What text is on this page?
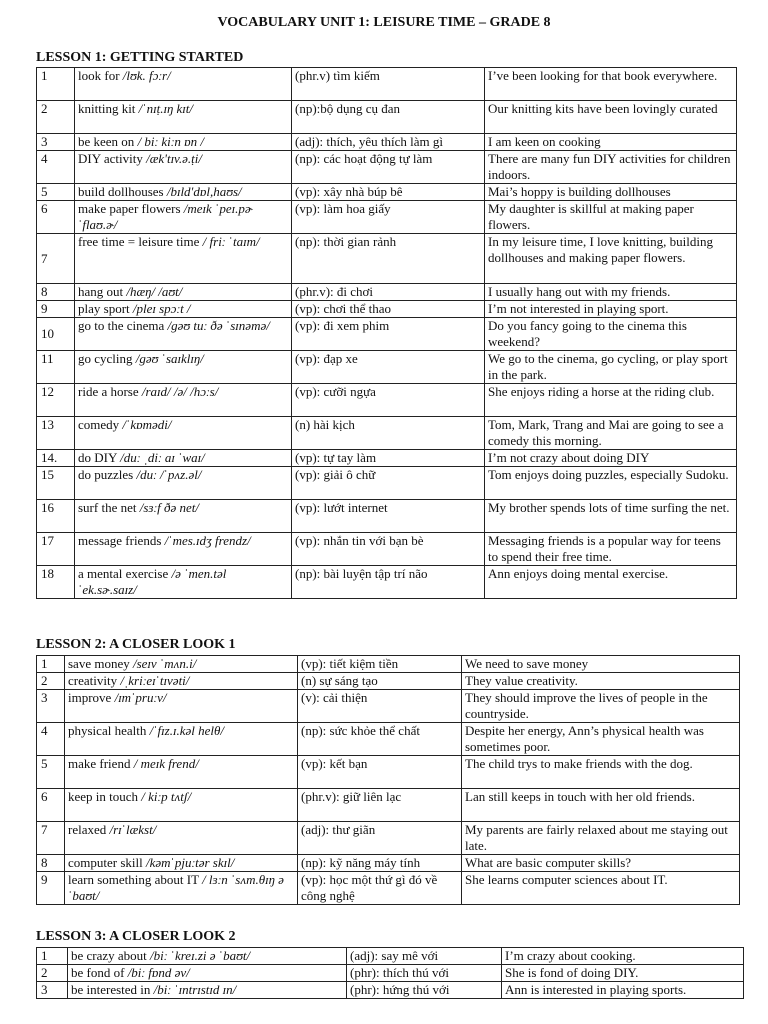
VOCABULARY UNIT 1: LEISURE TIME – GRADE 8
LESSON 1: GETTING STARTED
1	look for /lʊk. fɔːr/	(phr.v) tìm kiếm	I’ve been looking for that book everywhere.
2	knitting kit /ˈnɪṭ.ɪŋ kɪt/	(np):bộ dụng cụ đan	Our knitting kits have been lovingly curated
3	be keen on / biː kiːn ɒn /	(adj): thích, yêu thích làm gì	I am keen on cooking
4	DIY activity /æk'tɪv.ə.ṭi/	(np): các hoạt động tự làm	There are many fun DIY activities for children indoors.
5	build dollhouses /bɪld'dɒl,haʊs/	(vp): xây nhà búp bê	Mai’s hoppy is building dollhouses
6	make paper flowers /meɪk ˈpeɪ.pɚ ˈflaʊ.ɚ/	(vp): làm hoa giấy	My daughter is skillful at making paper flowers.
7	free time = leisure time / friː ˈtaɪm/	(np): thời gian rảnh	In my leisure time, I love knitting, building dollhouses and making paper flowers.
8	hang out /hæŋ/ /aʊt/	(phr.v): đi chơi	I usually hang out with my friends.
9	play sport /pleɪ spɔːt /	(vp): chơi thể thao	I’m not interested in playing sport.
10	go to the cinema /gəʊ tuː ðə ˈsɪnəmə/	(vp): đi xem phim	Do you fancy going to the cinema this weekend?
11	go cycling /gəʊ ˈsaɪklɪŋ/	(vp): đạp xe	We go to the cinema, go cycling, or play sport in the park.
12	ride a horse /raɪd/ /ə/ /hɔːs/	(vp): cưỡi ngựa	She enjoys riding a horse at the riding club.
13	comedy /ˈkɒmədi/	(n) hài kịch	Tom, Mark, Trang and Mai are going to see a comedy this morning.
14.	do DIY /duː ˌdiː aɪ ˈwaɪ/	(vp): tự tay làm	I’m not crazy about doing DIY
15	do puzzles /duː /ˈpʌz.əl/	(vp): giải ô chữ	Tom enjoys doing puzzles, especially Sudoku.
16	surf the net /sɜːf ðə net/	(vp): lướt internet	My brother spends lots of time surfing the net.
17	message friends /ˈmes.ɪdʒ frendz/	(vp): nhắn tin với bạn bè	Messaging friends is a popular way for teens to spend their free time.
18	a mental exercise /ə ˈmen.təl ˈek.sɚ.saɪz/	(np): bài luyện tập trí não	Ann enjoys doing mental exercise.
LESSON 2: A CLOSER LOOK 1
1	save money /seɪv ˈmʌn.i/	(vp): tiết kiệm tiền	We need to save money
2	creativity /ˌkriːeɪˈtɪvəti/	(n) sự sáng tạo	They value creativity.
3	improve /ɪmˈpruːv/	(v): cải thiện	They should improve the lives of people in the countryside.
4	physical health /ˈfɪz.ɪ.kəl helθ/	(np): sức khỏe thể chất	Despite her energy, Ann’s physical health was sometimes poor.
5	make friend / meɪk frend/	(vp): kết bạn	The child trys to make friends with the dog.
6	keep in touch / kiːp tʌtʃ/	(phr.v): giữ liên lạc	Lan still keeps in touch with her old friends.
7	relaxed /rɪˈlækst/	(adj): thư giãn	My parents are fairly relaxed about me staying out late.
8	computer skill /kəmˈpjuːtər skɪl/	(np): kỹ năng máy tính	What are basic computer skills?
9	learn something about IT / lɜːn ˈsʌm.θɪŋ ə ˈbaʊt/	(vp): học một thứ gì đó về công nghệ	She learns computer sciences about IT.
LESSON 3: A CLOSER LOOK 2
1	be crazy about /biː ˈkreɪ.zi ə ˈbaʊt/	(adj): say mê với	I’m crazy about cooking.
2	be fond of /biː fɒnd əv/	(phr): thích thú với	She is fond of doing DIY.
3	be interested in /biː ˈɪntrɪstɪd ɪn/	(phr): hứng thú với	Ann is interested in playing sports.
